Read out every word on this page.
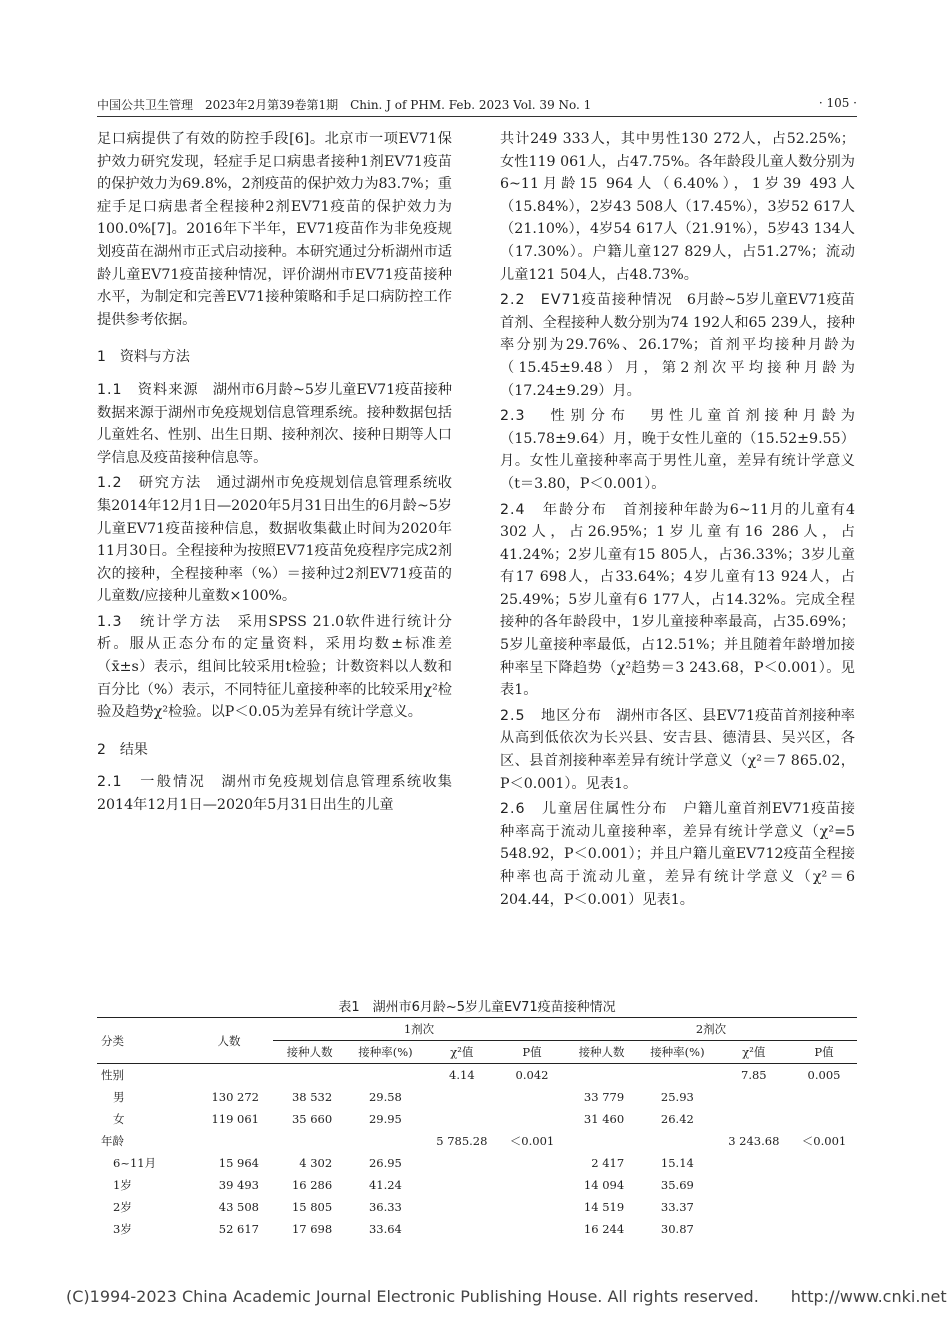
中国公共卫生管理　2023年2月第39卷第1期　Chin. J of PHM. Feb. 2023 Vol. 39 No. 1	· 105 ·

足口病提供了有效的防控手段[6]。北京市一项EV71保护效力研究发现，轻症手足口病患者接种1剂EV71疫苗的保护效力为69.8%，2剂疫苗的保护效力为83.7%；重症手足口病患者全程接种2剂EV71疫苗的保护效力为100.0%[7]。2016年下半年，EV71疫苗作为非免疫规划疫苗在湖州市正式启动接种。本研究通过分析湖州市适龄儿童EV71疫苗接种情况，评价湖州市EV71疫苗接种水平，为制定和完善EV71接种策略和手足口病防控工作提供参考依据。

1　资料与方法

1.1　资料来源　湖州市6月龄~5岁儿童EV71疫苗接种数据来源于湖州市免疫规划信息管理系统。接种数据包括儿童姓名、性别、出生日期、接种剂次、接种日期等人口学信息及疫苗接种信息等。

1.2　研究方法　通过湖州市免疫规划信息管理系统收集2014年12月1日—2020年5月31日出生的6月龄~5岁儿童EV71疫苗接种信息，数据收集截止时间为2020年11月30日。全程接种为按照EV71疫苗免疫程序完成2剂次的接种，全程接种率（%）＝接种过2剂EV71疫苗的儿童数/应接种儿童数×100%。

1.3　统计学方法　采用SPSS 21.0软件进行统计分析。服从正态分布的定量资料，采用均数±标准差（x̄±s）表示，组间比较采用t检验；计数资料以人数和百分比（%）表示，不同特征儿童接种率的比较采用χ²检验及趋势χ²检验。以P＜0.05为差异有统计学意义。

2　结果

2.1　一般情况　湖州市免疫规划信息管理系统收集2014年12月1日—2020年5月31日出生的儿童

共计249 333人，其中男性130 272人，占52.25%；女性119 061人，占47.75%。各年龄段儿童人数分别为6~11月龄15 964人（6.40%），1岁39 493人（15.84%），2岁43 508人（17.45%），3岁52 617人（21.10%），4岁54 617人（21.91%），5岁43 134人（17.30%）。户籍儿童127 829人，占51.27%；流动儿童121 504人，占48.73%。

2.2　EV71疫苗接种情况　6月龄~5岁儿童EV71疫苗首剂、全程接种人数分别为74 192人和65 239人，接种率分别为29.76%、26.17%；首剂平均接种月龄为（15.45±9.48）月，第2剂次平均接种月龄为（17.24±9.29）月。

2.3　性别分布　男性儿童首剂接种月龄为（15.78±9.64）月，晚于女性儿童的（15.52±9.55）月。女性儿童接种率高于男性儿童，差异有统计学意义（t＝3.80，P＜0.001）。

2.4　年龄分布　首剂接种年龄为6~11月的儿童有4 302人，占26.95%；1岁儿童有16 286人，占41.24%；2岁儿童有15 805人，占36.33%；3岁儿童有17 698人，占33.64%；4岁儿童有13 924人，占25.49%；5岁儿童有6 177人，占14.32%。完成全程接种的各年龄段中，1岁儿童接种率最高，占35.69%；5岁儿童接种率最低，占12.51%；并且随着年龄增加接种率呈下降趋势（χ²趋势＝3 243.68，P＜0.001）。见表1。

2.5　地区分布　湖州市各区、县EV71疫苗首剂接种率从高到低依次为长兴县、安吉县、德清县、吴兴区，各区、县首剂接种率差异有统计学意义（χ²＝7 865.02，P＜0.001）。见表1。

2.6　儿童居住属性分布　户籍儿童首剂EV71疫苗接种率高于流动儿童接种率，差异有统计学意义（χ²=5 548.92，P＜0.001）；并且户籍儿童EV712疫苗全程接种率也高于流动儿童，差异有统计学意义（χ²＝6 204.44，P＜0.001）见表1。

表1　湖州市6月龄~5岁儿童EV71疫苗接种情况
分类	人数	1剂次				2剂次			
		接种人数	接种率(%)	χ²值	P值	接种人数	接种率(%)	χ²值	P值
性别				4.14	0.042			7.85	0.005
男	130 272	38 532	29.58			33 779	25.93		
女	119 061	35 660	29.95			31 460	26.42		
年龄				5 785.28	＜0.001			3 243.68	＜0.001
6~11月	15 964	4 302	26.95			2 417	15.14		
1岁	39 493	16 286	41.24			14 094	35.69		
2岁	43 508	15 805	36.33			14 519	33.37		
3岁	52 617	17 698	33.64			16 244	30.87		
(C)1994-2023 China Academic Journal Electronic Publishing House. All rights reserved.　　http://www.cnki.net
